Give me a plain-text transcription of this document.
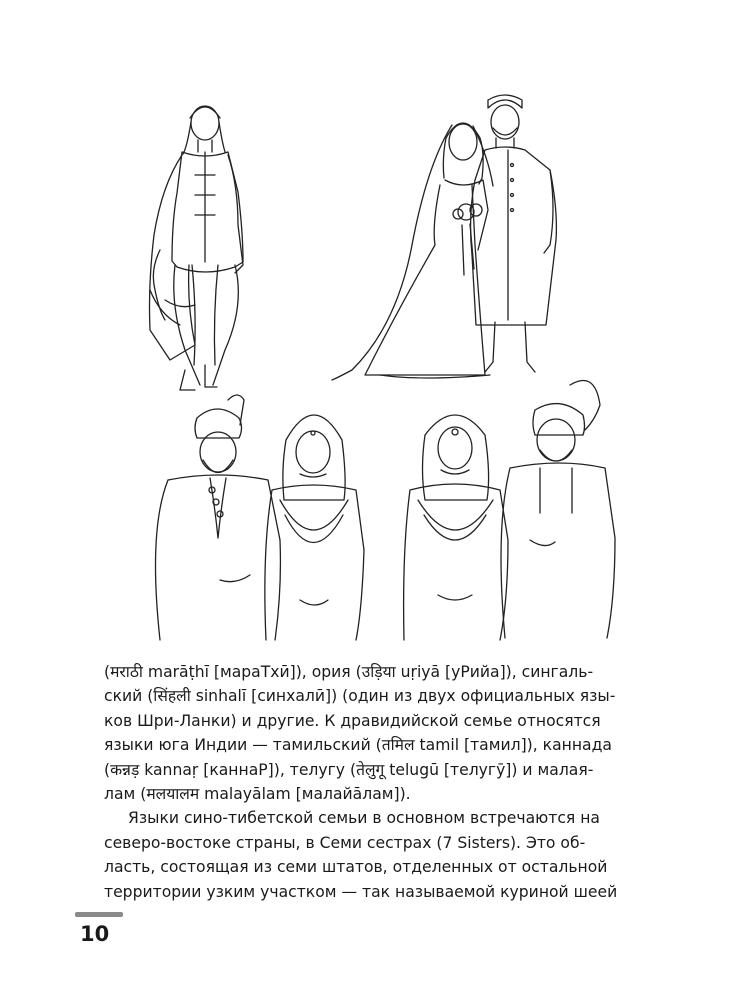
(मराठी marāṭhī [мараТхӣ]), ория (उड़िया uṛiyā [уРийа]), сингаль-
ский (सिंहली sinhalī [синхалӣ]) (один из двух официальных язы-
ков Шри-Ланки) и другие. К дравидийской семье относятся
языки юга Индии — тамильский (तमिल tamil [тамил]), каннада
(कन्नड़ kannaṛ [каннаР]), телугу (तेलुगू telugū [телугӯ]) и малая-
лам (मलयालम malayālam [малайāлам]).
Языки сино-тибетской семьи в основном встречаются на
северо-востоке страны, в Семи сестрах (7 Sisters). Это об-
ласть, состоящая из семи штатов, отделенных от остальной
территории узким участком — так называемой куриной шеей
10
